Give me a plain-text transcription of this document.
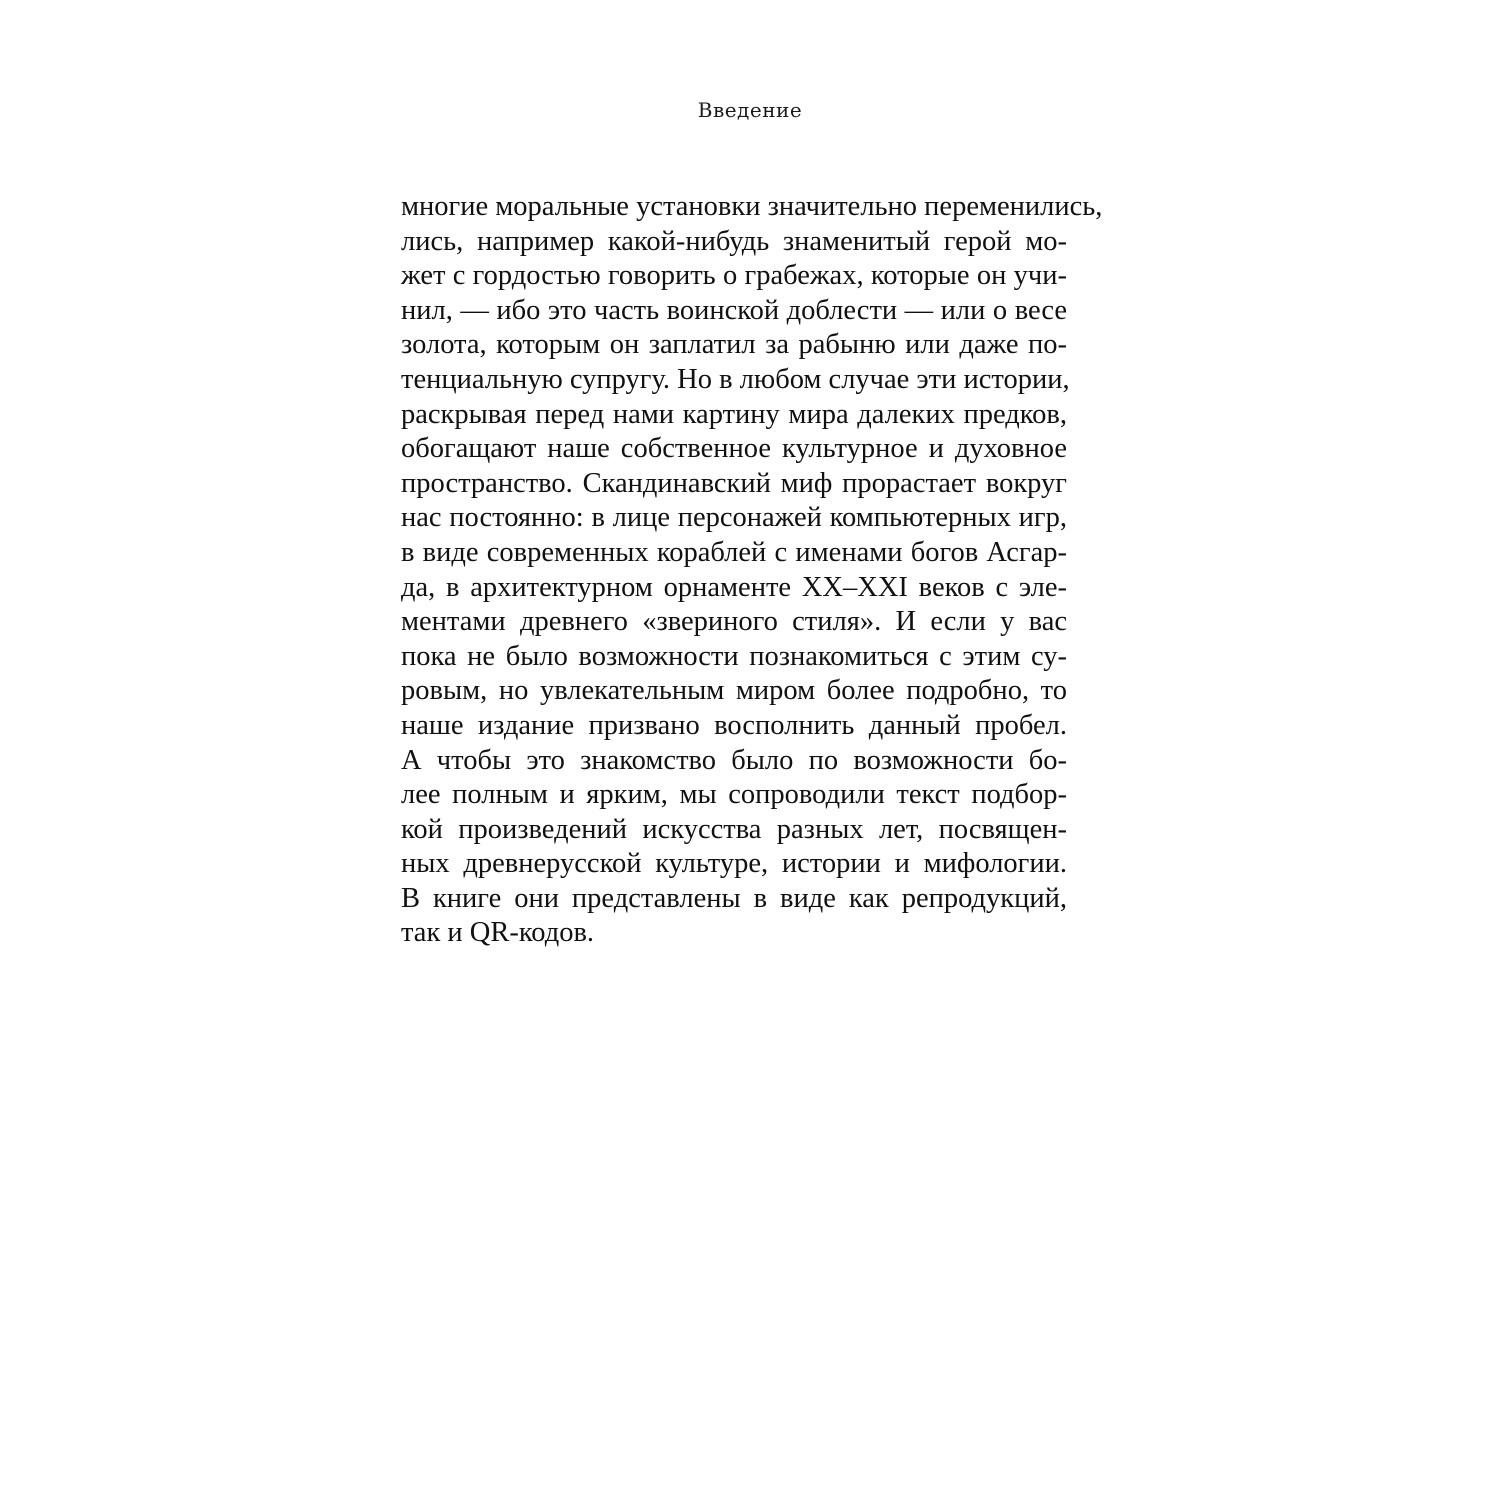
Введение
многие моральные установки значительно переменились,
лись, например какой-нибудь знаменитый герой мо-
жет с гордостью говорить о грабежах, которые он учи-
нил, — ибо это часть воинской доблести — или о весе
золота, которым он заплатил за рабыню или даже по-
тенциальную супругу. Но в любом случае эти истории,
раскрывая перед нами картину мира далеких предков,
обогащают наше собственное культурное и духовное
пространство. Скандинавский миф прорастает вокруг
нас постоянно: в лице персонажей компьютерных игр,
в виде современных кораблей с именами богов Асгар-
да, в архитектурном орнаменте XX–XXI веков с эле-
ментами древнего «звериного стиля». И если у вас
пока не было возможности познакомиться с этим су-
ровым, но увлекательным миром более подробно, то
наше издание призвано восполнить данный пробел.
А чтобы это знакомство было по возможности бо-
лее полным и ярким, мы сопроводили текст подбор-
кой произведений искусства разных лет, посвящен-
ных древнерусской культуре, истории и мифологии.
В книге они представлены в виде как репродукций,
так и QR-кодов.
